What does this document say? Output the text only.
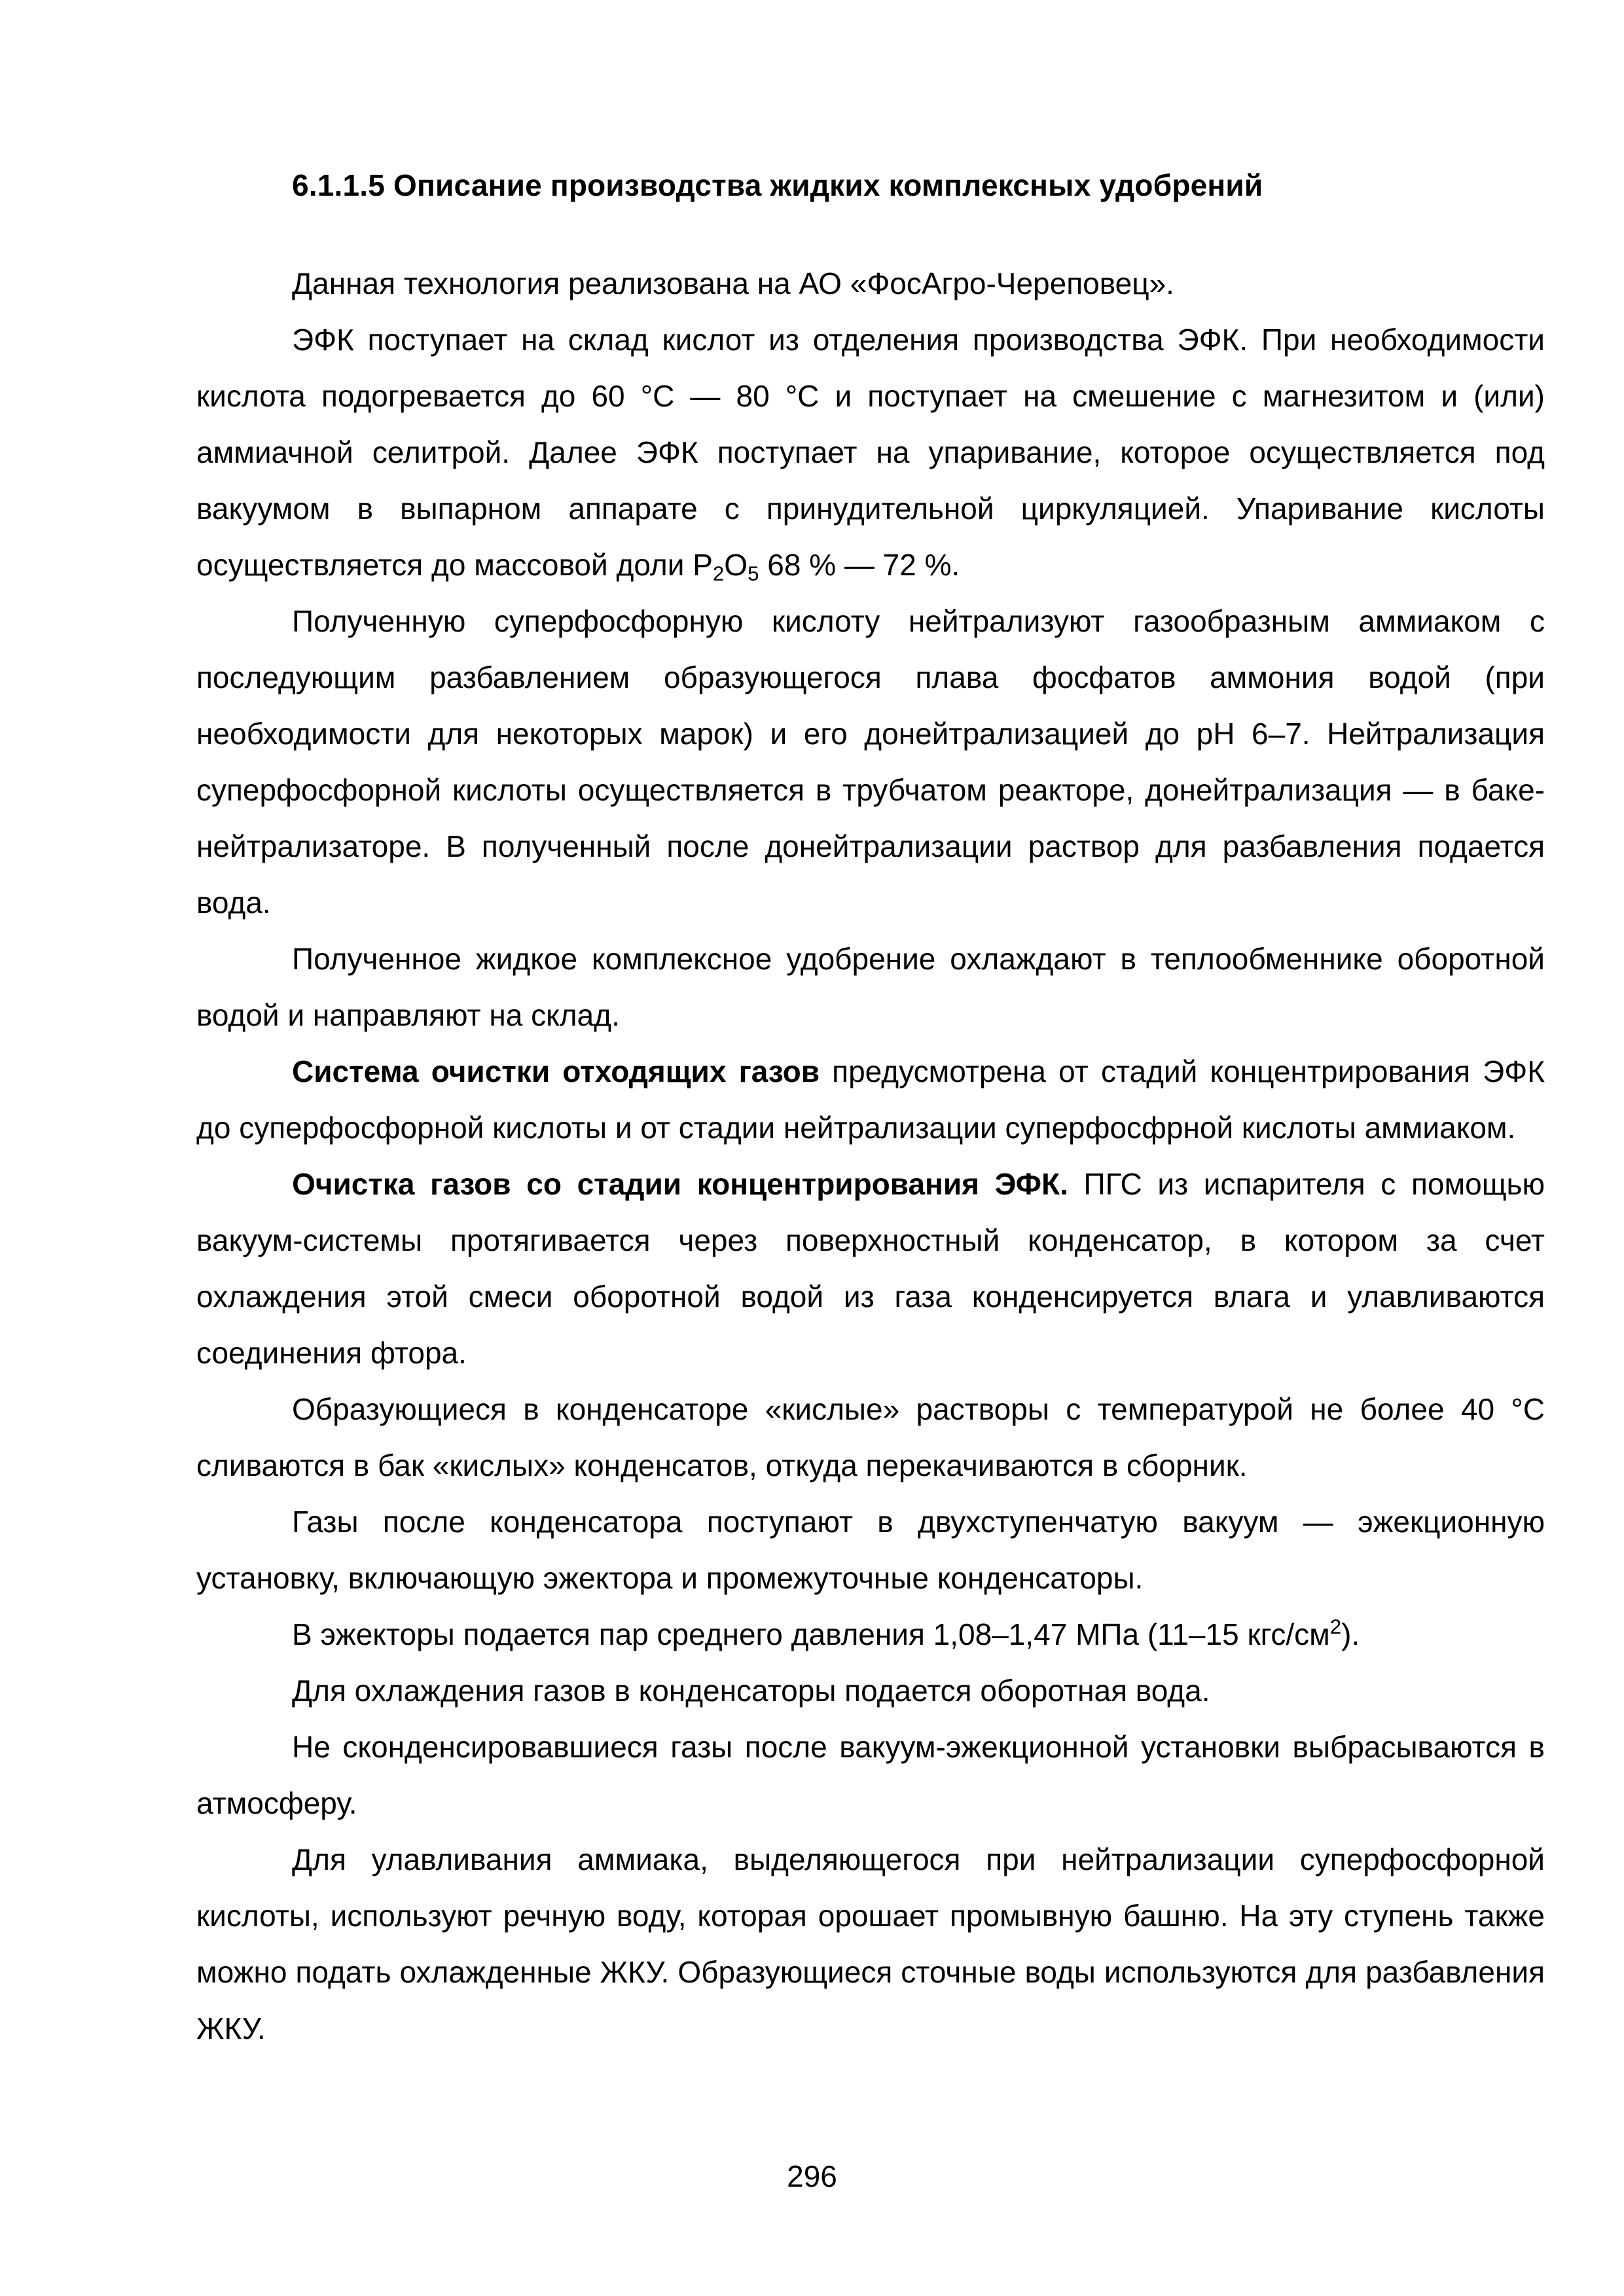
6.1.1.5 Описание производства жидких комплексных удобрений

Данная технология реализована на АО «ФосАгро-Череповец».

ЭФК поступает на склад кислот из отделения производства ЭФК. При необходимости кислота подогревается до 60 °С — 80 °С и поступает на смешение с магнезитом и (или) аммиачной селитрой. Далее ЭФК поступает на упаривание, которое осуществляется под вакуумом в выпарном аппарате с принудительной циркуляцией. Упаривание кислоты осуществляется до массовой доли $P_2O_5$ 68 % — 72 %.

Полученную суперфосфорную кислоту нейтрализуют газообразным аммиаком с последующим разбавлением образующегося плава фосфатов аммония водой (при необходимости для некоторых марок) и его донейтрализацией до pH 6–7. Нейтрализация суперфосфорной кислоты осуществляется в трубчатом реакторе, донейтрализация — в баке-нейтрализаторе. В полученный после донейтрализации раствор для разбавления подается вода.

Полученное жидкое комплексное удобрение охлаждают в теплообменнике оборотной водой и направляют на склад.

Система очистки отходящих газов предусмотрена от стадий концентрирования ЭФК до суперфосфорной кислоты и от стадии нейтрализации суперфосфрной кислоты аммиаком.

Очистка газов со стадии концентрирования ЭФК. ПГС из испарителя с помощью вакуум-системы протягивается через поверхностный конденсатор, в котором за счет охлаждения этой смеси оборотной водой из газа конденсируется влага и улавливаются соединения фтора.

Образующиеся в конденсаторе «кислые» растворы с температурой не более 40 °С сливаются в бак «кислых» конденсатов, откуда перекачиваются в сборник.

Газы после конденсатора поступают в двухступенчатую вакуум — эжекционную установку, включающую эжектора и промежуточные конденсаторы.

В эжекторы подается пар среднего давления 1,08–1,47 МПа (11–15 кгс/$см^2$).

Для охлаждения газов в конденсаторы подается оборотная вода.

Не сконденсировавшиеся газы после вакуум-эжекционной установки выбрасываются в атмосферу.

Для улавливания аммиака, выделяющегося при нейтрализации суперфосфорной кислоты, используют речную воду, которая орошает промывную башню. На эту ступень также можно подать охлажденные ЖКУ. Образующиеся сточные воды используются для разбавления ЖКУ.

296
